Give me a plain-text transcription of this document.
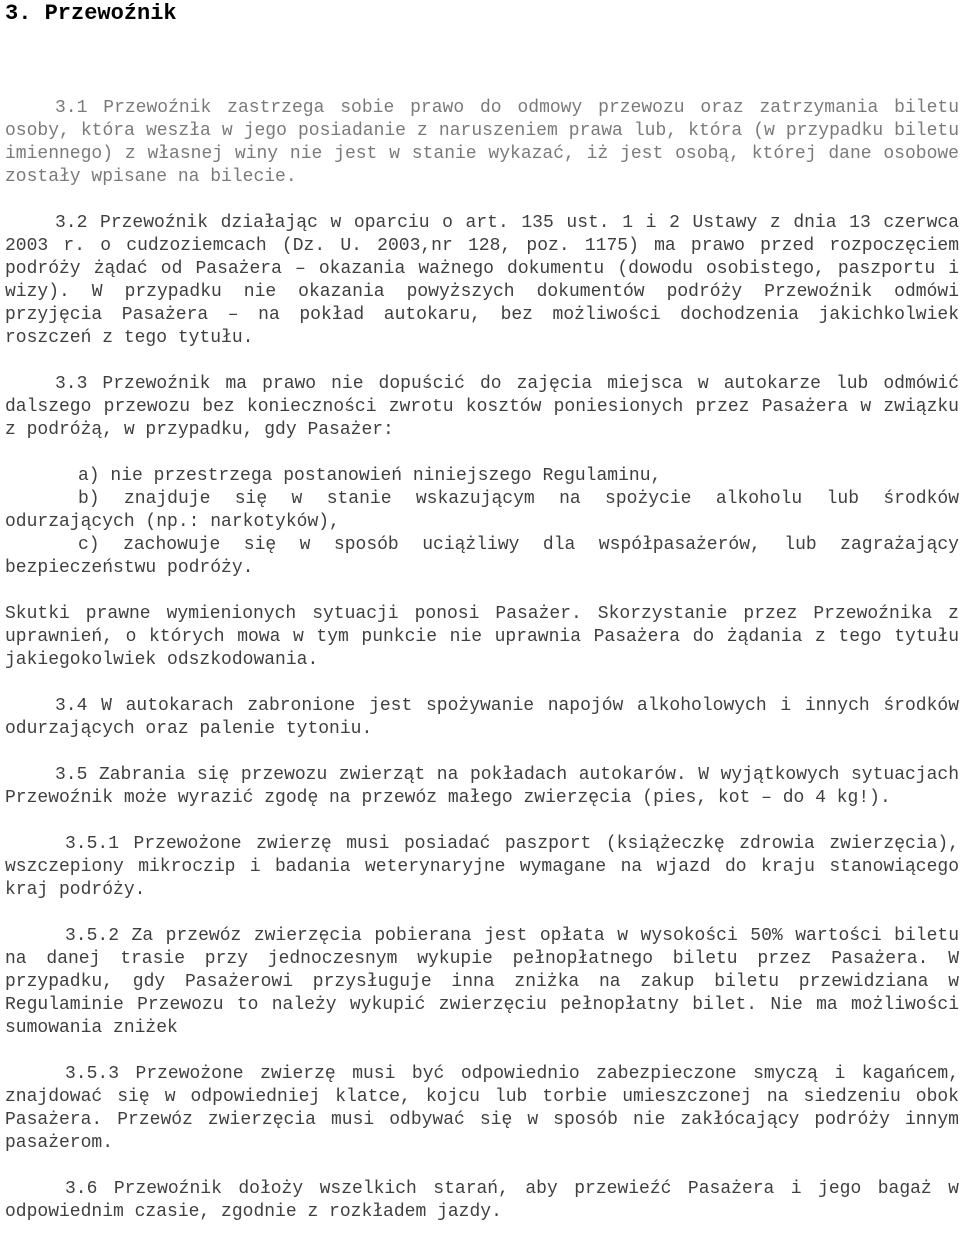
3. Przewoźnik

3.1 Przewoźnik zastrzega sobie prawo do odmowy przewozu oraz zatrzymania biletu osoby, która weszła w jego posiadanie z naruszeniem prawa lub, która (w przypadku biletu imiennego) z własnej winy nie jest w stanie wykazać, iż jest osobą, której dane osobowe zostały wpisane na bilecie.

3.2 Przewoźnik działając w oparciu o art. 135 ust. 1 i 2 Ustawy z dnia 13 czerwca 2003 r. o cudzoziemcach (Dz. U. 2003,nr 128, poz. 1175) ma prawo przed rozpoczęciem podróży żądać od Pasażera – okazania ważnego dokumentu (dowodu osobistego, paszportu i wizy). W przypadku nie okazania powyższych dokumentów podróży Przewoźnik odmówi przyjęcia Pasażera – na pokład autokaru, bez możliwości dochodzenia jakichkolwiek roszczeń z tego tytułu.

3.3 Przewoźnik ma prawo nie dopuścić do zajęcia miejsca w autokarze lub odmówić dalszego przewozu bez konieczności zwrotu kosztów poniesionych przez Pasażera w związku z podróżą, w przypadku, gdy Pasażer:

a) nie przestrzega postanowień niniejszego Regulaminu,

b) znajduje się w stanie wskazującym na spożycie alkoholu lub środków odurzających (np.: narkotyków),

c) zachowuje się w sposób uciążliwy dla współpasażerów, lub zagrażający bezpieczeństwu podróży.

Skutki prawne wymienionych sytuacji ponosi Pasażer. Skorzystanie przez Przewoźnika z uprawnień, o których mowa w tym punkcie nie uprawnia Pasażera do żądania z tego tytułu jakiegokolwiek odszkodowania.

3.4 W autokarach zabronione jest spożywanie napojów alkoholowych i innych środków odurzających oraz palenie tytoniu.

3.5 Zabrania się przewozu zwierząt na pokładach autokarów. W wyjątkowych sytuacjach Przewoźnik może wyrazić zgodę na przewóz małego zwierzęcia (pies, kot – do 4 kg!).

3.5.1 Przewożone zwierzę musi posiadać paszport (książeczkę zdrowia zwierzęcia), wszczepiony mikroczip i badania weterynaryjne wymagane na wjazd do kraju stanowiącego kraj podróży.

3.5.2 Za przewóz zwierzęcia pobierana jest opłata w wysokości 50% wartości biletu na danej trasie przy jednoczesnym wykupie pełnopłatnego biletu przez Pasażera. W przypadku, gdy Pasażerowi przysługuje inna zniżka na zakup biletu przewidziana w Regulaminie Przewozu to należy wykupić zwierzęciu pełnopłatny bilet. Nie ma możliwości sumowania zniżek

3.5.3 Przewożone zwierzę musi być odpowiednio zabezpieczone smyczą i kagańcem, znajdować się w odpowiedniej klatce, kojcu lub torbie umieszczonej na siedzeniu obok Pasażera. Przewóz zwierzęcia musi odbywać się w sposób nie zakłócający podróży innym pasażerom.

3.6 Przewoźnik dołoży wszelkich starań, aby przewieźć Pasażera i jego bagaż w odpowiednim czasie, zgodnie z rozkładem jazdy.
